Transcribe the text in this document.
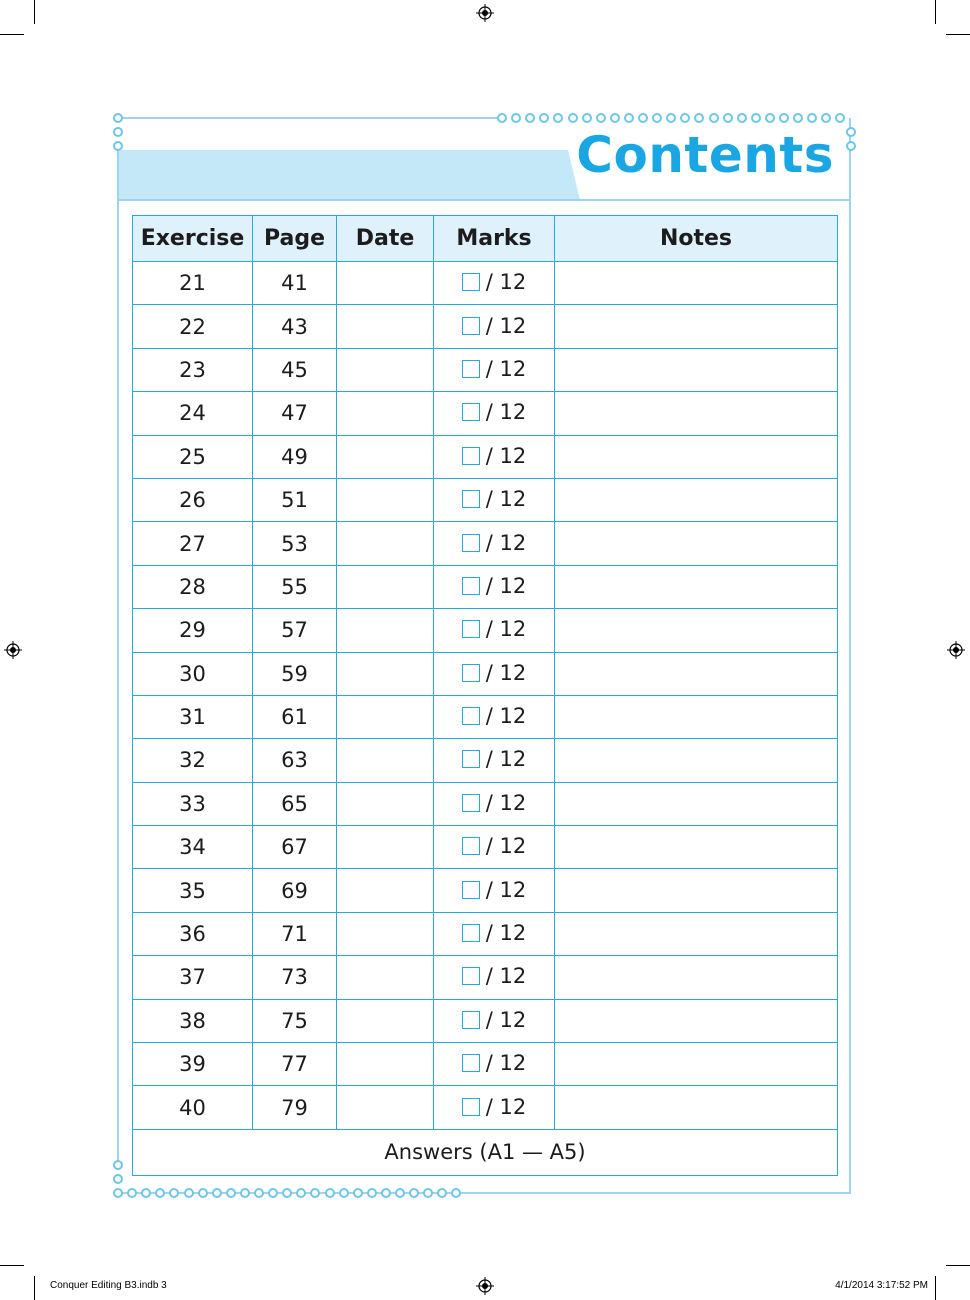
Contents
Exercise	Page	Date	Marks	Notes
21	41		/ 12	

22	43		/ 12	

23	45		/ 12	

24	47		/ 12	

25	49		/ 12	

26	51		/ 12	

27	53		/ 12	

28	55		/ 12	

29	57		/ 12	

30	59		/ 12	

31	61		/ 12	

32	63		/ 12	

33	65		/ 12	

34	67		/ 12	

35	69		/ 12	

36	71		/ 12	

37	73		/ 12	

38	75		/ 12	

39	77		/ 12	

40	79		/ 12	

Answers (A1 — A5)				
Conquer Editing B3.indb 3	4/1/2014 3:17:52 PM
